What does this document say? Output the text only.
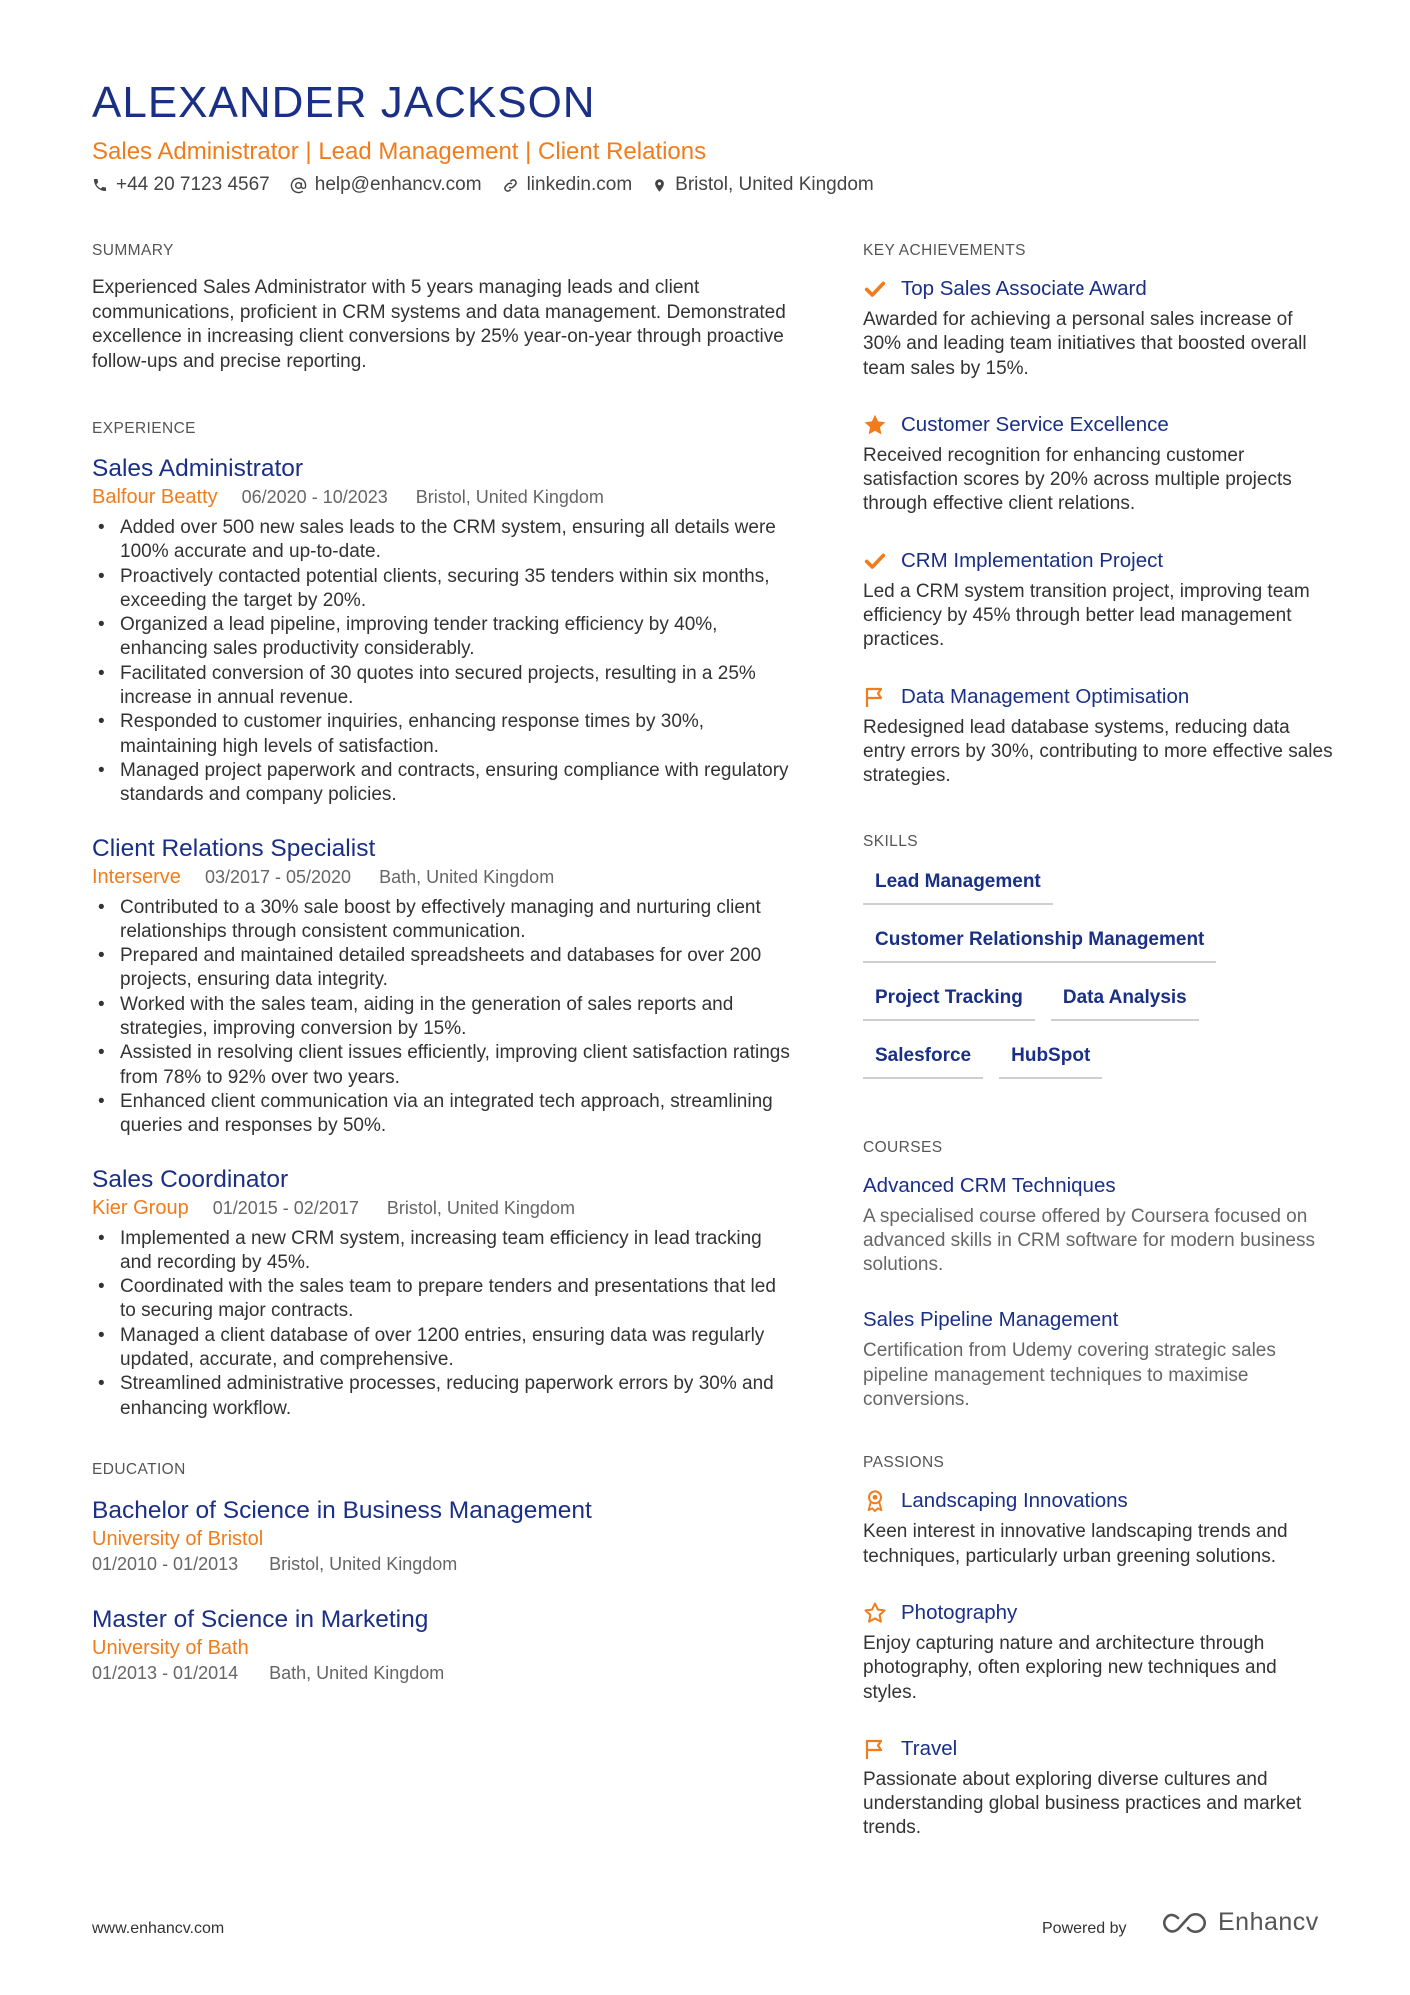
ALEXANDER JACKSON
Sales Administrator | Lead Management | Client Relations
+44 20 7123 4567 help@enhancv.com linkedin.com Bristol, United Kingdom
SUMMARY

Experienced Sales Administrator with 5 years managing leads and client communications, proficient in CRM systems and data management. Demonstrated excellence in increasing client conversions by 25% year-on-year through proactive follow-ups and precise reporting.

EXPERIENCE
Sales Administrator
Balfour Beatty 06/2020 - 10/2023 Bristol, United Kingdom
• Added over 500 new sales leads to the CRM system, ensuring all details were 100% accurate and up-to-date.
• Proactively contacted potential clients, securing 35 tenders within six months, exceeding the target by 20%.
• Organized a lead pipeline, improving tender tracking efficiency by 40%, enhancing sales productivity considerably.
• Facilitated conversion of 30 quotes into secured projects, resulting in a 25% increase in annual revenue.
• Responded to customer inquiries, enhancing response times by 30%, maintaining high levels of satisfaction.
• Managed project paperwork and contracts, ensuring compliance with regulatory standards and company policies.
Client Relations Specialist
Interserve 03/2017 - 05/2020 Bath, United Kingdom
• Contributed to a 30% sale boost by effectively managing and nurturing client relationships through consistent communication.
• Prepared and maintained detailed spreadsheets and databases for over 200 projects, ensuring data integrity.
• Worked with the sales team, aiding in the generation of sales reports and strategies, improving conversion by 15%.
• Assisted in resolving client issues efficiently, improving client satisfaction ratings from 78% to 92% over two years.
• Enhanced client communication via an integrated tech approach, streamlining queries and responses by 50%.
Sales Coordinator
Kier Group 01/2015 - 02/2017 Bristol, United Kingdom
• Implemented a new CRM system, increasing team efficiency in lead tracking and recording by 45%.
• Coordinated with the sales team to prepare tenders and presentations that led to securing major contracts.
• Managed a client database of over 1200 entries, ensuring data was regularly updated, accurate, and comprehensive.
• Streamlined administrative processes, reducing paperwork errors by 30% and enhancing workflow.
EDUCATION
Bachelor of Science in Business Management
University of Bristol
01/2010 - 01/2013 Bristol, United Kingdom
Master of Science in Marketing
University of Bath
01/2013 - 01/2014 Bath, United Kingdom
KEY ACHIEVEMENTS
Top Sales Associate Award

Awarded for achieving a personal sales increase of 30% and leading team initiatives that boosted overall team sales by 15%.

Customer Service Excellence

Received recognition for enhancing customer satisfaction scores by 20% across multiple projects through effective client relations.

CRM Implementation Project

Led a CRM system transition project, improving team efficiency by 45% through better lead management practices.

Data Management Optimisation

Redesigned lead database systems, reducing data entry errors by 30%, contributing to more effective sales strategies.

SKILLS
Lead Management
Customer Relationship Management
Project Tracking	Data Analysis
Salesforce	HubSpot
COURSES
Advanced CRM Techniques

A specialised course offered by Coursera focused on advanced skills in CRM software for modern business solutions.

Sales Pipeline Management

Certification from Udemy covering strategic sales pipeline management techniques to maximise conversions.

PASSIONS
Landscaping Innovations

Keen interest in innovative landscaping trends and techniques, particularly urban greening solutions.

Photography

Enjoy capturing nature and architecture through photography, often exploring new techniques and styles.

Travel

Passionate about exploring diverse cultures and understanding global business practices and market trends.

www.enhancv.com	Powered by	Enhancv
